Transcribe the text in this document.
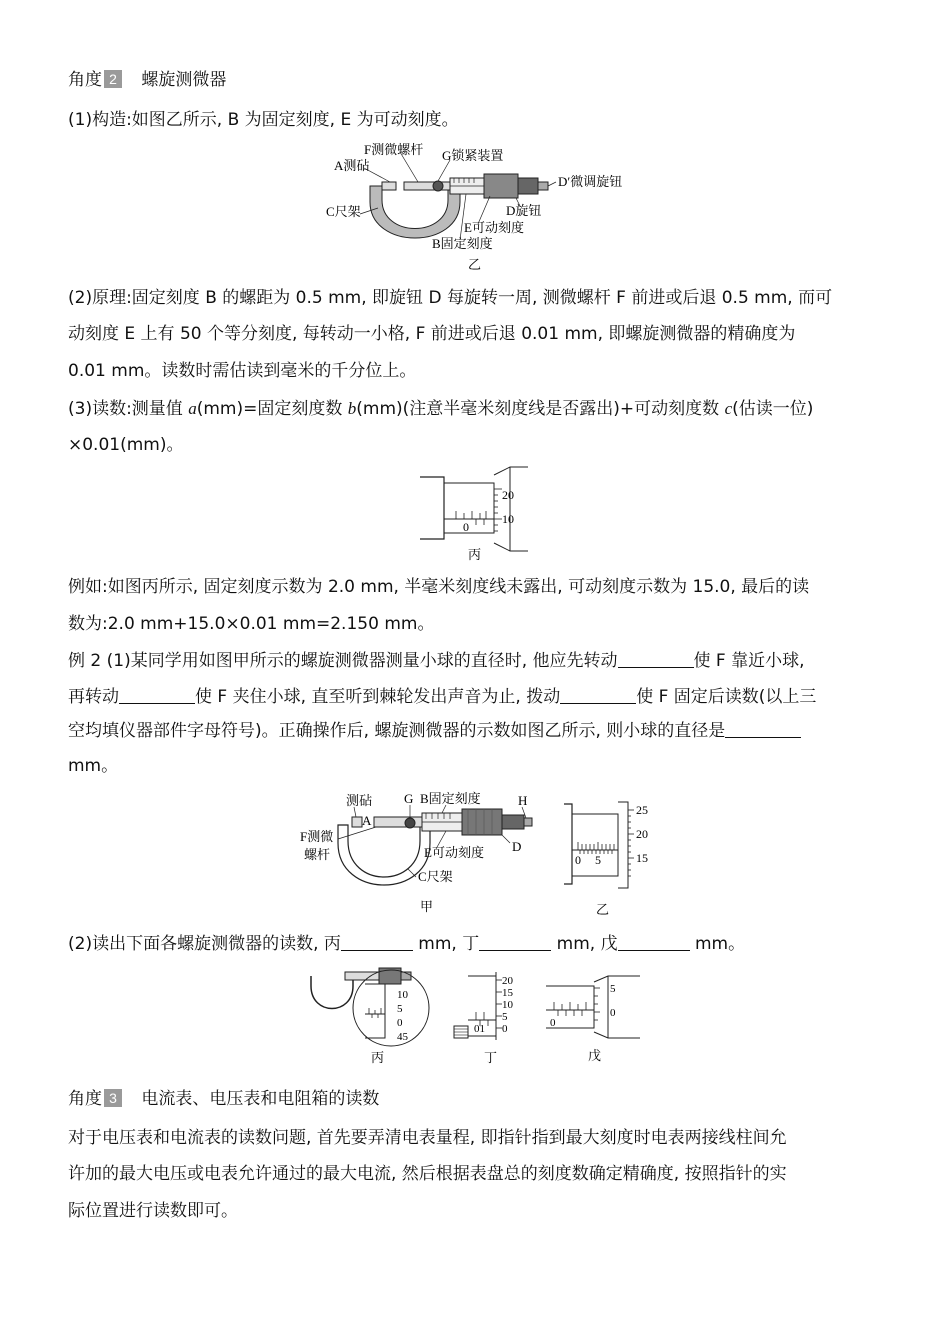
角度 2 螺旋测微器
(1)构造:如图乙所示, B 为固定刻度, E 为可动刻度。
A测砧
F测微螺杆 G锁紧装置
D′微调旋钮
C尺架	D旋钮
E可动刻度
B固定刻度
乙
(2)原理:固定刻度 B 的螺距为 0.5 mm, 即旋钮 D 每旋转一周, 测微螺杆 F 前进或后退 0.5 mm, 而可
动刻度 E 上有 50 个等分刻度, 每转动一小格, F 前进或后退 0.01 mm, 即螺旋测微器的精确度为
0.01 mm。读数时需估读到毫米的千分位上。
(3)读数:测量值 a(mm)=固定刻度数 b(mm)(注意半毫米刻度线是否露出)+可动刻度数 c(估读一位)
×0.01(mm)。
20
10
0
丙
例如:如图丙所示, 固定刻度示数为 2.0 mm, 半毫米刻度线未露出, 可动刻度示数为 15.0, 最后的读
数为:2.0 mm+15.0×0.01 mm=2.150 mm。
例 2 (1)某同学用如图甲所示的螺旋测微器测量小球的直径时, 他应先转动	使 F 靠近小球,
再转动	使 F 夹住小球, 直至听到棘轮发出声音为止, 拨动	使 F 固定后读数(以上三
空均填仪器部件字母符号)。正确操作后, 螺旋测微器的示数如图乙所示, 则小球的直径是
mm。
测砧
A
G B固定刻度	H
F测微
螺杆	E可动刻度 D
C尺架
甲
25
20
15
0 5
乙
(2)读出下面各螺旋测微器的读数, 丙	mm, 丁	mm, 戊	mm。
10
5
0
45
丙
20
15
10
5
0
01
丁
5
0
0
戊
角度 3 电流表、电压表和电阻箱的读数
对于电压表和电流表的读数问题, 首先要弄清电表量程, 即指针指到最大刻度时电表两接线柱间允
许加的最大电压或电表允许通过的最大电流, 然后根据表盘总的刻度数确定精确度, 按照指针的实
际位置进行读数即可。
